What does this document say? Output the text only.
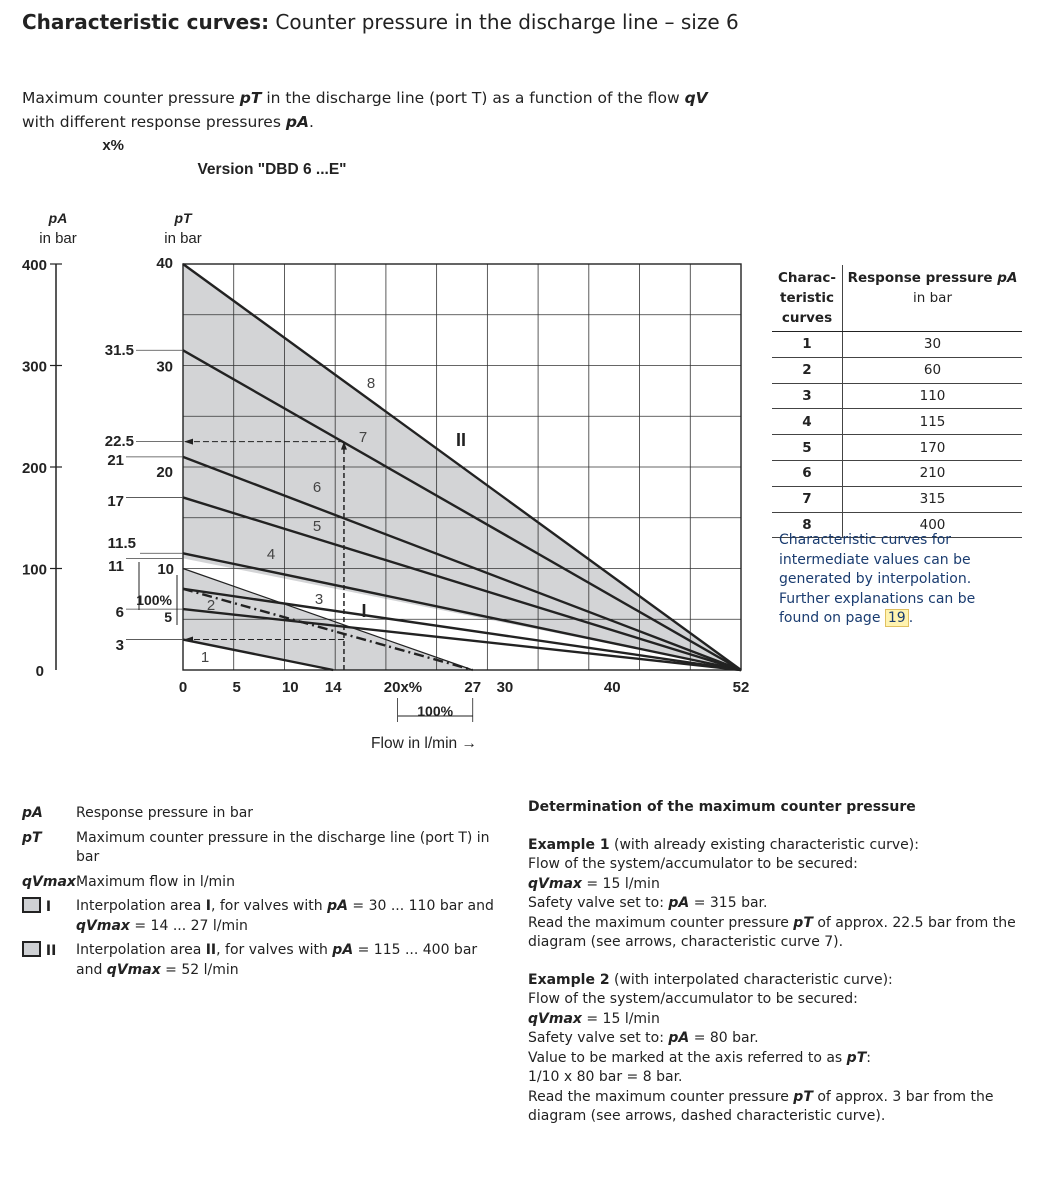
Characteristic curves: Counter pressure in the discharge line – size 6
Maximum counter pressure pT in the discharge line (port T) as a function of the flow qV
with different response pressures pA.
0
100
200
300
400
pA
in bar
pT
in bar
40
30
20
31.5
22.5
21
17
11.5
11
x%
6
3
10
100%
5
0	5	10 14	20x%	27 30	40	52
Flow in l/min →
100%
1
2	3
4
5
6
7
8
I
II
Version "DBD 6 ...E"
Charac-
teristic
curves	Response pressure pA
in bar
1	30
2	60
3	110
4	115
5	170
6	210
7	315
8	400
Characteristic curves for intermediate values can be generated by interpolation. Further explanations can be found on page 19 .
pA	Response pressure in bar
pT	Maximum counter pressure in the discharge line (port T) in bar
qVmax Maximum flow in l/min
I	Interpolation area I, for valves with pA = 30 ... 110 bar and
qVmax = 14 ... 27 l/min
II	Interpolation area II, for valves with pA = 115 ... 400 bar
and qVmax = 52 l/min
Determination of the maximum counter pressure

Example 1 (with already existing characteristic curve):
Flow of the system/accumulator to be secured:
qVmax = 15 l/min
Safety valve set to: pA = 315 bar.
Read the maximum counter pressure pT of approx. 22.5 bar from the diagram (see arrows, characteristic curve 7).

Example 2 (with interpolated characteristic curve):
Flow of the system/accumulator to be secured:
qVmax = 15 l/min
Safety valve set to: pA = 80 bar.
Value to be marked at the axis referred to as pT:
1/10 x 80 bar = 8 bar.
Read the maximum counter pressure pT of approx. 3 bar from the diagram (see arrows, dashed characteristic curve).
